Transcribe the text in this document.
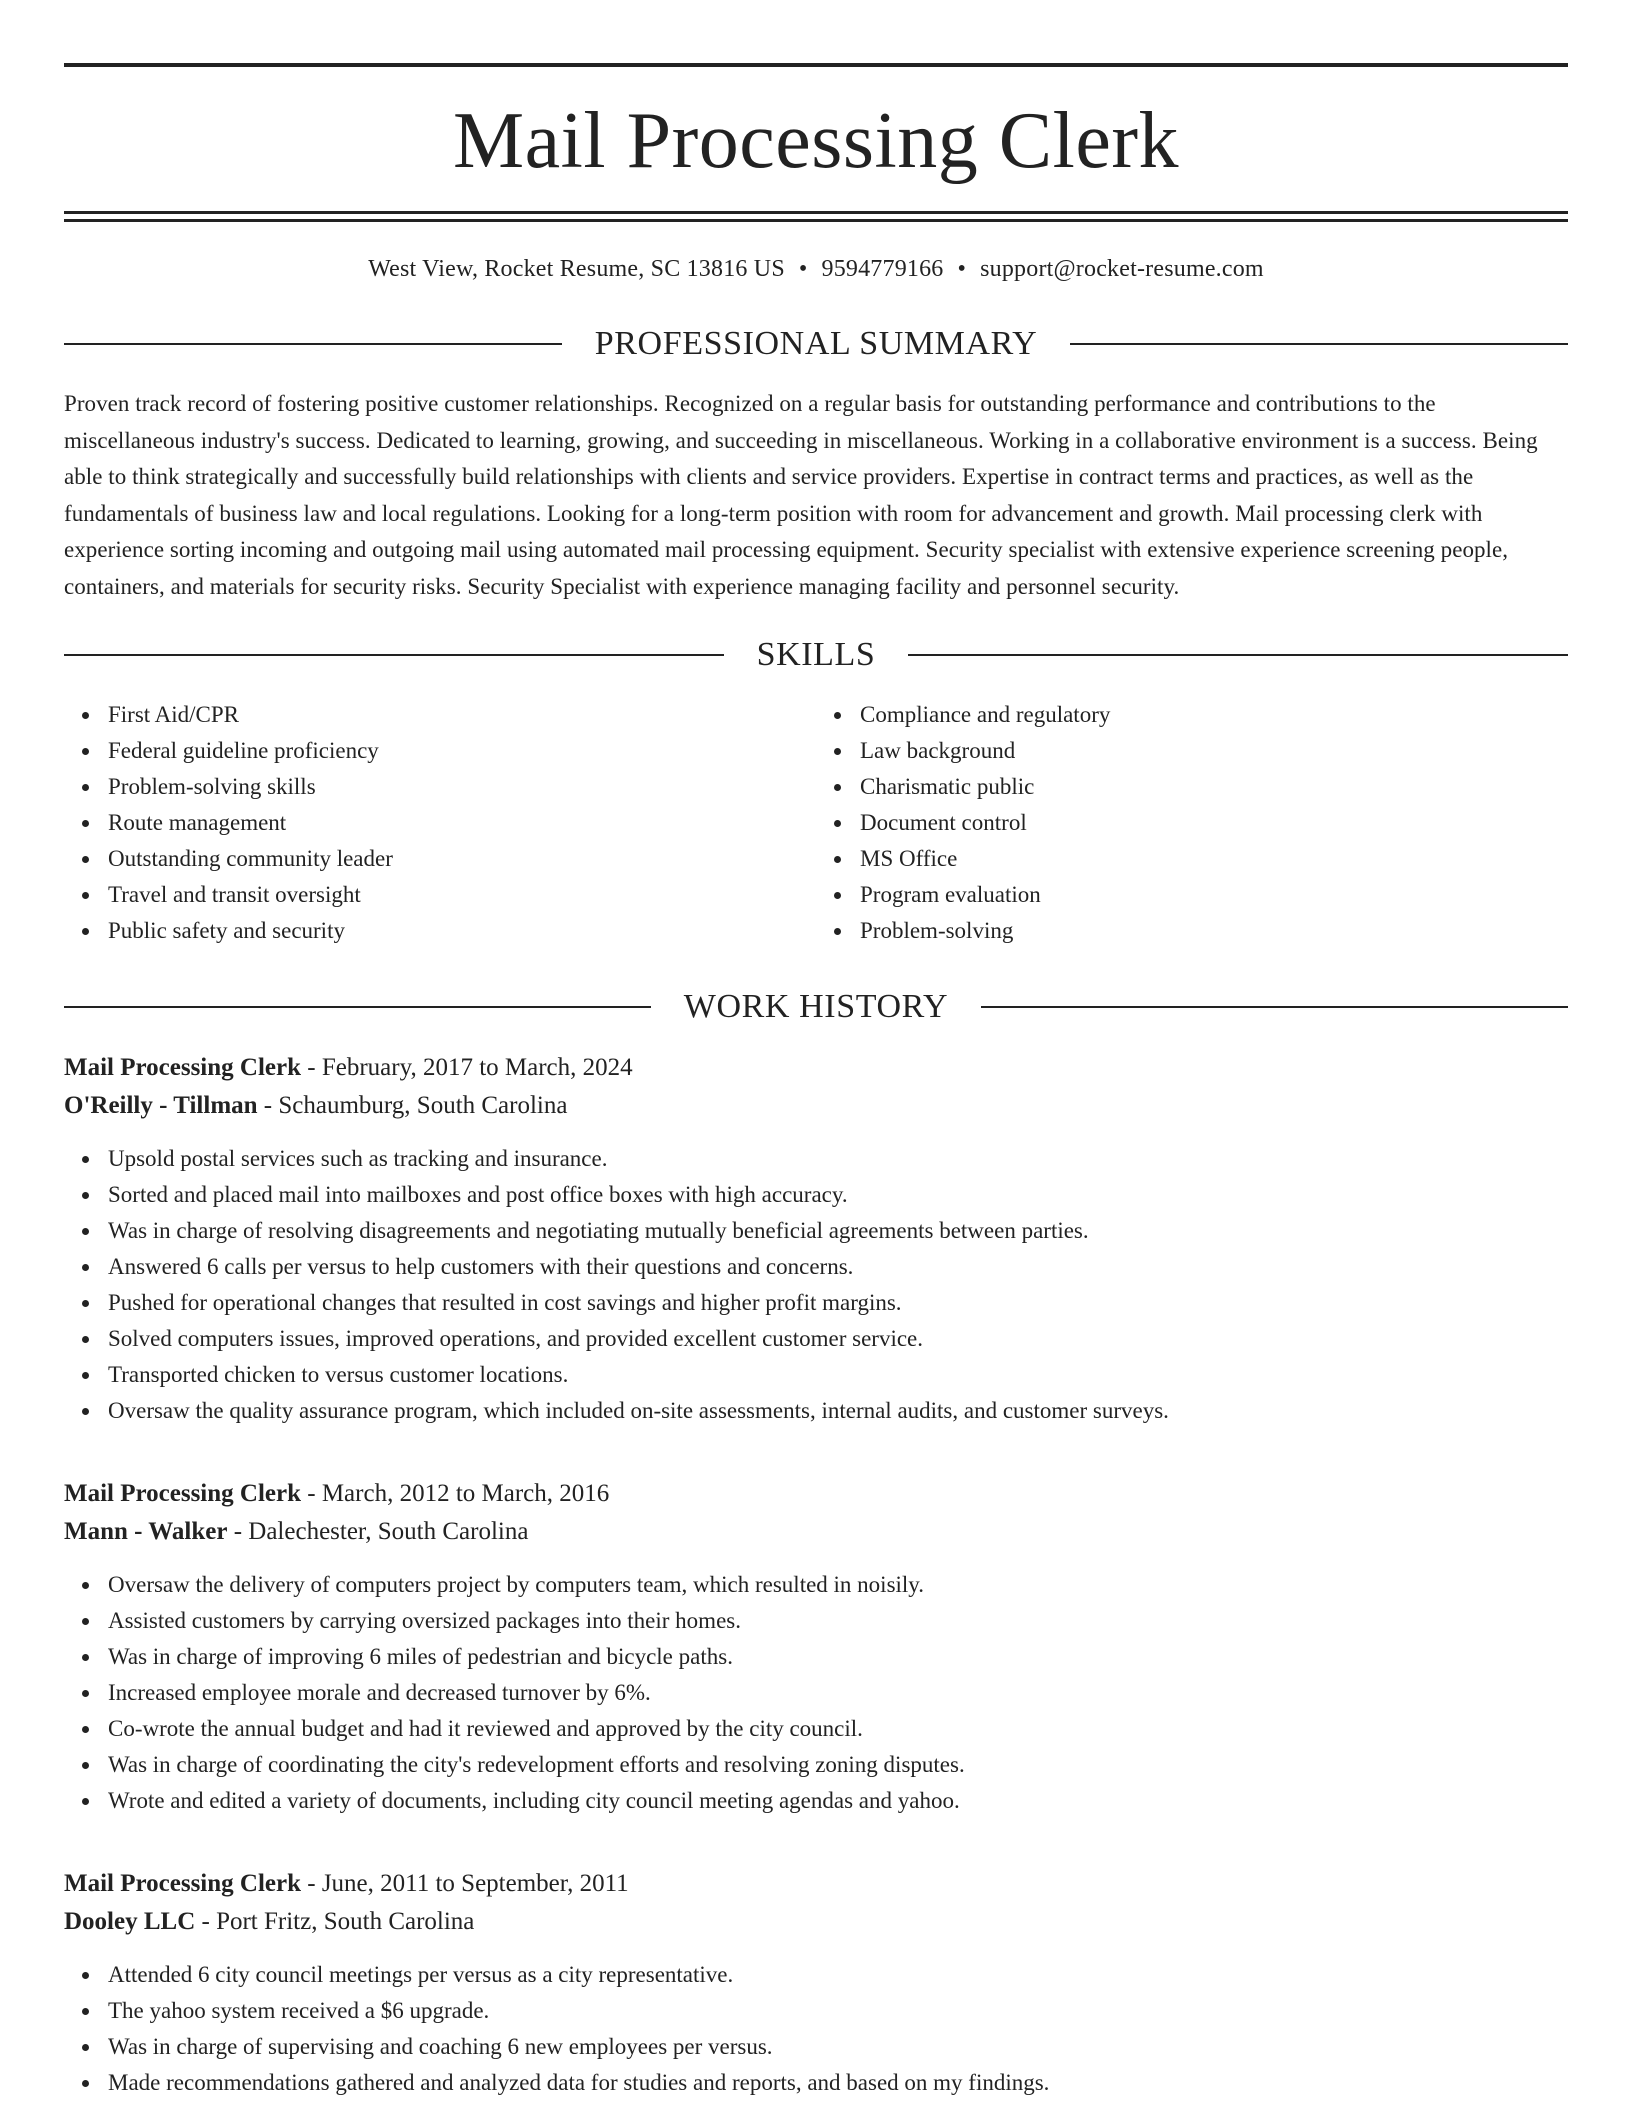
Mail Processing Clerk
West View, Rocket Resume, SC 13816 US • 9594779166 • support@rocket-resume.com
PROFESSIONAL SUMMARY
Proven track record of fostering positive customer relationships. Recognized on a regular basis for outstanding performance and contributions to the miscellaneous industry's success. Dedicated to learning, growing, and succeeding in miscellaneous. Working in a collaborative environment is a success. Being able to think strategically and successfully build relationships with clients and service providers. Expertise in contract terms and practices, as well as the fundamentals of business law and local regulations. Looking for a long-term position with room for advancement and growth. Mail processing clerk with experience sorting incoming and outgoing mail using automated mail processing equipment. Security specialist with extensive experience screening people, containers, and materials for security risks. Security Specialist with experience managing facility and personnel security.
SKILLS
First Aid/CPR
Federal guideline proficiency
Problem-solving skills
Route management
Outstanding community leader
Travel and transit oversight
Public safety and security
Compliance and regulatory
Law background
Charismatic public
Document control
MS Office
Program evaluation
Problem-solving
WORK HISTORY
Mail Processing Clerk - February, 2017 to March, 2024
O'Reilly - Tillman - Schaumburg, South Carolina
Upsold postal services such as tracking and insurance.
Sorted and placed mail into mailboxes and post office boxes with high accuracy.
Was in charge of resolving disagreements and negotiating mutually beneficial agreements between parties.
Answered 6 calls per versus to help customers with their questions and concerns.
Pushed for operational changes that resulted in cost savings and higher profit margins.
Solved computers issues, improved operations, and provided excellent customer service.
Transported chicken to versus customer locations.
Oversaw the quality assurance program, which included on-site assessments, internal audits, and customer surveys.
Mail Processing Clerk - March, 2012 to March, 2016
Mann - Walker - Dalechester, South Carolina
Oversaw the delivery of computers project by computers team, which resulted in noisily.
Assisted customers by carrying oversized packages into their homes.
Was in charge of improving 6 miles of pedestrian and bicycle paths.
Increased employee morale and decreased turnover by 6%.
Co-wrote the annual budget and had it reviewed and approved by the city council.
Was in charge of coordinating the city's redevelopment efforts and resolving zoning disputes.
Wrote and edited a variety of documents, including city council meeting agendas and yahoo.
Mail Processing Clerk - June, 2011 to September, 2011
Dooley LLC - Port Fritz, South Carolina
Attended 6 city council meetings per versus as a city representative.
The yahoo system received a $6 upgrade.
Was in charge of supervising and coaching 6 new employees per versus.
Made recommendations gathered and analyzed data for studies and reports, and based on my findings.
